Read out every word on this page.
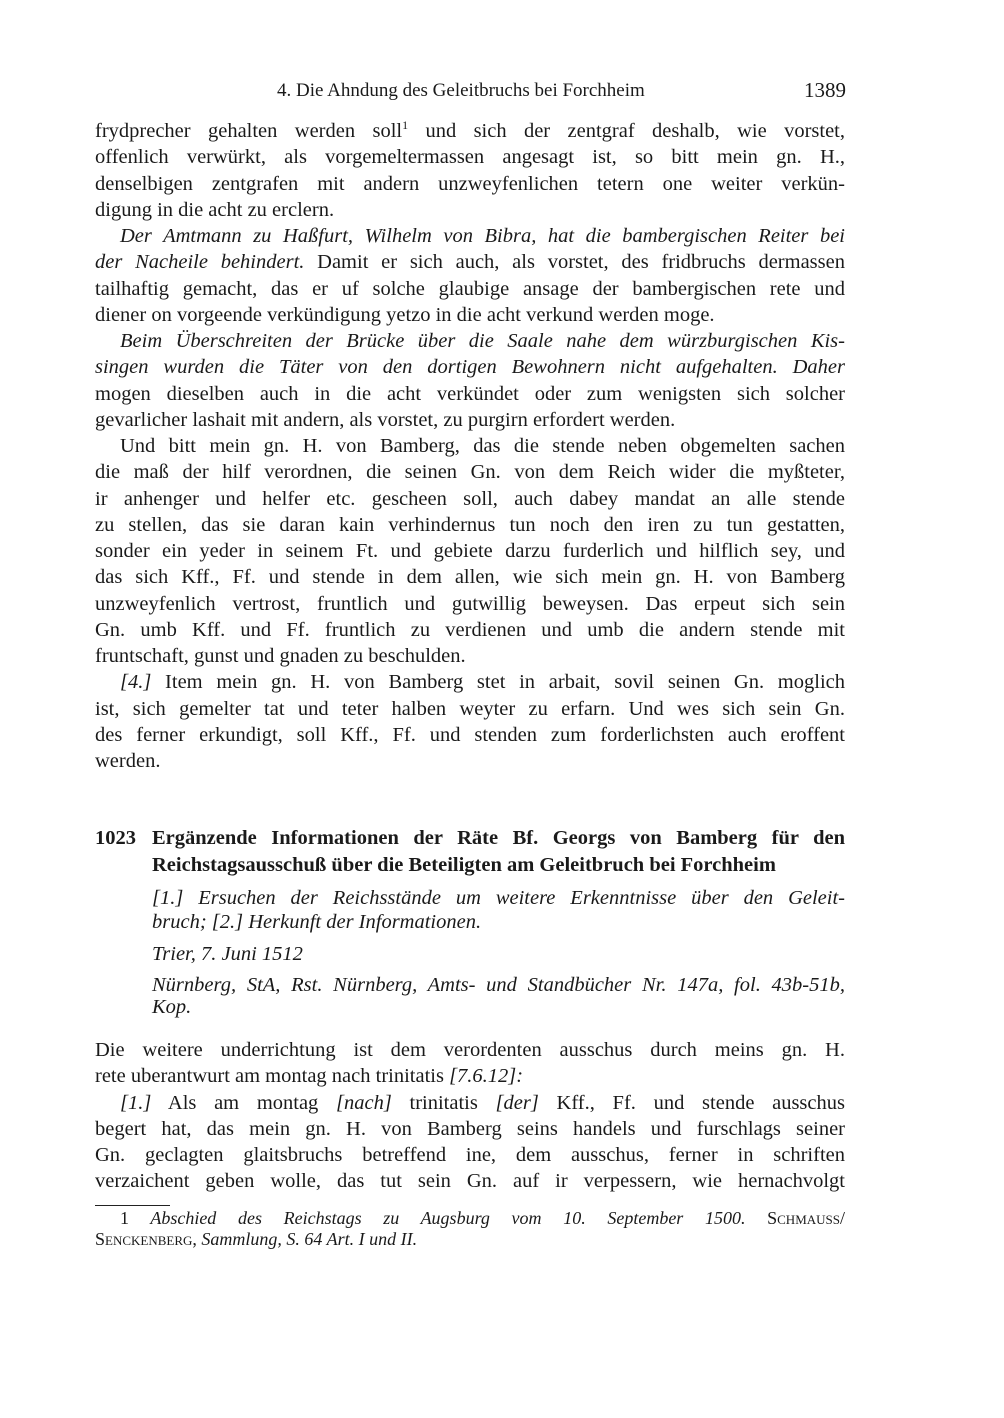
4. Die Ahndung des Geleitbruchs bei Forchheim	1389
frydprecher gehalten werden soll$^1$ und sich der zentgraf deshalb, wie vorstet,
offenlich verwürkt, als vorgemeltermassen angesagt ist, so bitt mein gn. H.,
denselbigen zentgrafen mit andern unzweyfenlichen tetern one weiter verkün-
digung in die acht zu erclern.
Der Amtmann zu Haßfurt, Wilhelm von Bibra, hat die bambergischen Reiter bei
der Nacheile behindert. Damit er sich auch, als vorstet, des fridbruchs dermassen
tailhaftig gemacht, das er uf solche glaubige ansage der bambergischen rete und
diener on vorgeende verkündigung yetzo in die acht verkund werden moge.
Beim Überschreiten der Brücke über die Saale nahe dem würzburgischen Kis-
singen wurden die Täter von den dortigen Bewohnern nicht aufgehalten. Daher
mogen dieselben auch in die acht verkündet oder zum wenigsten sich solcher
gevarlicher lashait mit andern, als vorstet, zu purgirn erfordert werden.
Und bitt mein gn. H. von Bamberg, das die stende neben obgemelten sachen
die maß der hilf verordnen, die seinen Gn. von dem Reich wider die myßteter,
ir anhenger und helfer etc. gescheen soll, auch dabey mandat an alle stende
zu stellen, das sie daran kain verhindernus tun noch den iren zu tun gestatten,
sonder ein yeder in seinem Ft. und gebiete darzu furderlich und hilflich sey, und
das sich Kff., Ff. und stende in dem allen, wie sich mein gn. H. von Bamberg
unzweyfenlich vertrost, fruntlich und gutwillig beweysen. Das erpeut sich sein
Gn. umb Kff. und Ff. fruntlich zu verdienen und umb die andern stende mit
fruntschaft, gunst und gnaden zu beschulden.
[4.] Item mein gn. H. von Bamberg stet in arbait, sovil seinen Gn. moglich
ist, sich gemelter tat und teter halben weyter zu erfarn. Und wes sich sein Gn.
des ferner erkundigt, soll Kff., Ff. und stenden zum forderlichsten auch eroffent
werden.
1023 Ergänzende Informationen der Räte Bf. Georgs von Bamberg für den
Reichstagsausschuß über die Beteiligten am Geleitbruch bei Forchheim
[1.] Ersuchen der Reichsstände um weitere Erkenntnisse über den Geleit-
bruch; [2.] Herkunft der Informationen.
Trier, 7. Juni 1512
Nürnberg, StA, Rst. Nürnberg, Amts- und Standbücher Nr. 147a, fol. 43b-51b,
Kop.
Die weitere underrichtung ist dem verordenten ausschus durch meins gn. H.
rete uberantwurt am montag nach trinitatis [7.6.12]:
[1.] Als am montag [nach] trinitatis [der] Kff., Ff. und stende ausschus
begert hat, das mein gn. H. von Bamberg seins handels und furschlags seiner
Gn. geclagten glaitsbruchs betreffend ine, dem ausschus, ferner in schriften
verzaichent geben wolle, das tut sein Gn. auf ir verpessern, wie hernachvolgt
1 Abschied des Reichstags zu Augsburg vom 10. September 1500. Schmauss/
Senckenberg, Sammlung, S. 64 Art. I und II.
